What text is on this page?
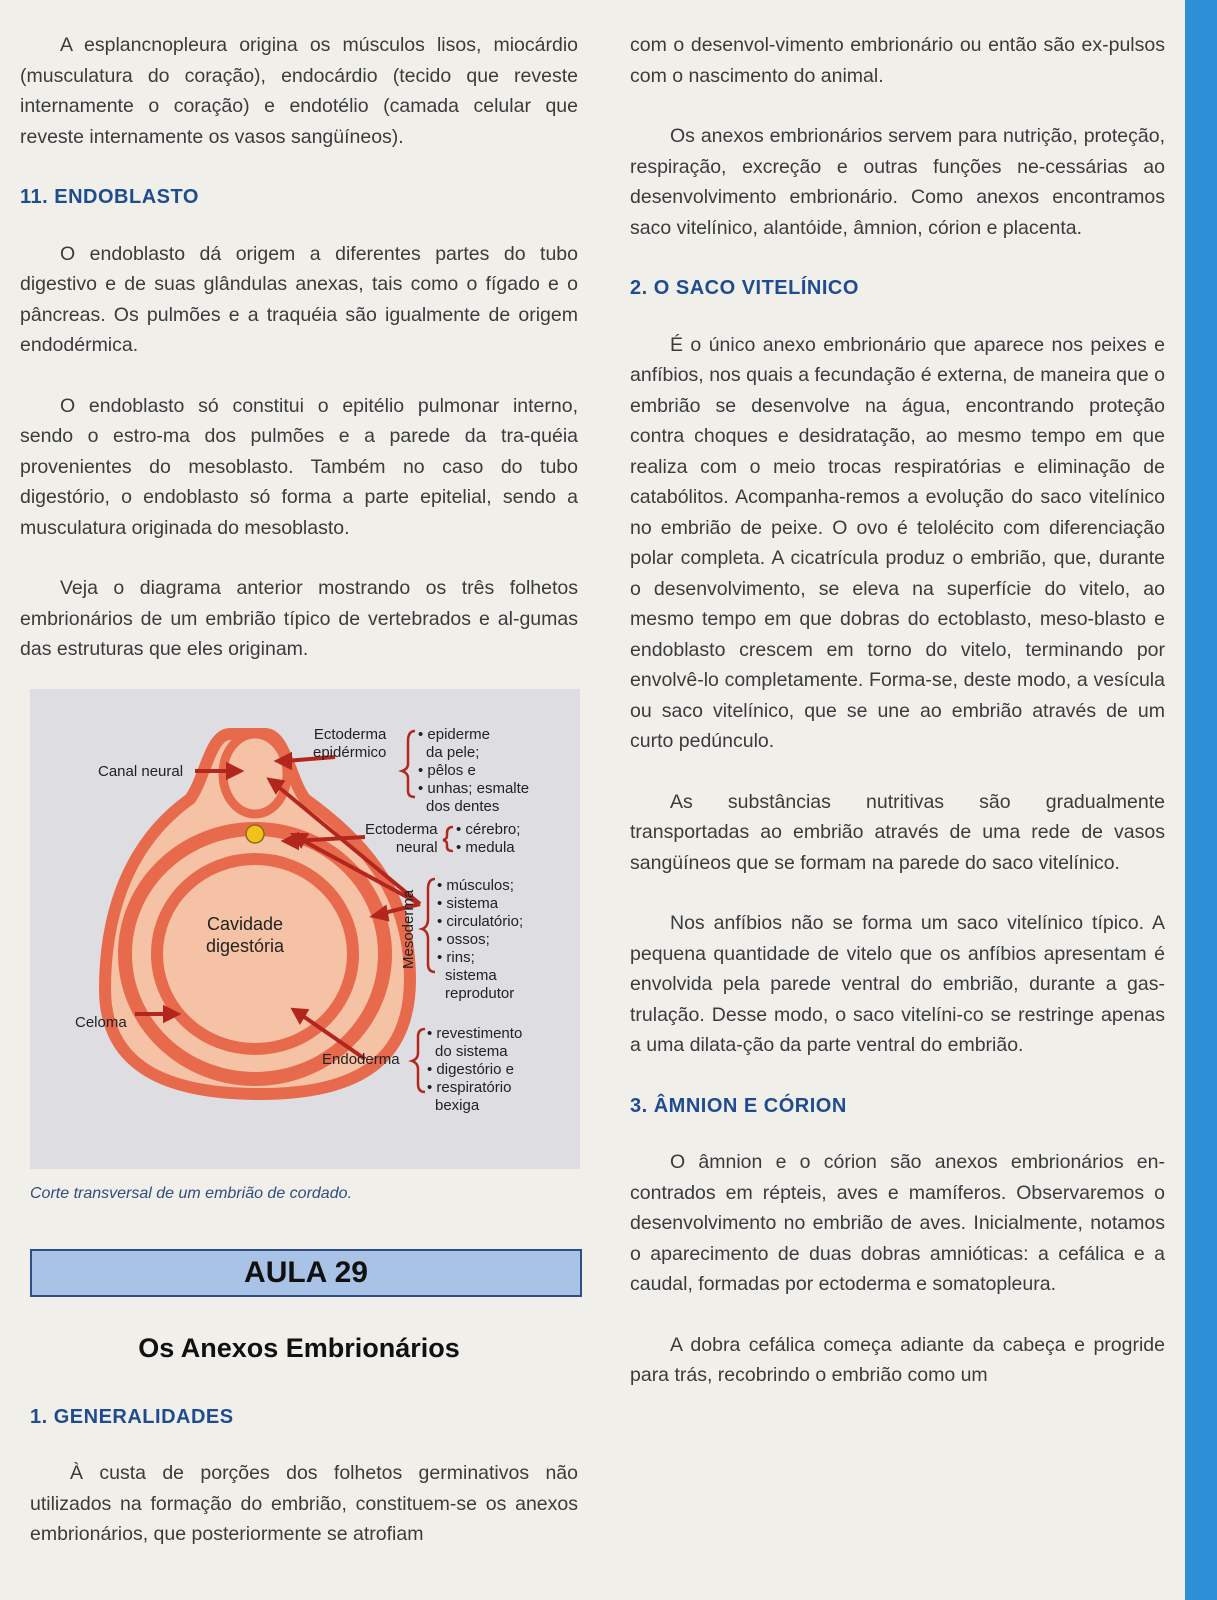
A esplancnopleura origina os músculos lisos, miocárdio (musculatura do coração), endocárdio (tecido que reveste internamente o coração) e endotélio (camada celular que reveste internamente os vasos sangüíneos).

11. ENDOBLASTO

O endoblasto dá origem a diferentes partes do tubo digestivo e de suas glândulas anexas, tais como o fígado e o pâncreas. Os pulmões e a traquéia são igualmente de origem endodérmica.

O endoblasto só constitui o epitélio pulmonar interno, sendo o estro-ma dos pulmões e a parede da tra-quéia provenientes do mesoblasto. Também no caso do tubo digestório, o endoblasto só forma a parte epitelial, sendo a musculatura originada do mesoblasto.

Veja o diagrama anterior mostrando os três folhetos embrionários de um embrião típico de vertebrados e al-gumas das estruturas que eles originam.

Canal neural
Ectoderma
epidérmico
• epiderme
da pele;
• pêlos e
• unhas; esmalte
dos dentes
Ectoderma
neural
• cérebro;
• medula
Mesoderma
• músculos;
• sistema
• circulatório;
• ossos;
• rins;
sistema
reprodutor
Cavidade
digestória
Celoma
Endoderma
• revestimento
do sistema
• digestório e
• respiratório
bexiga
Corte transversal de um embrião de cordado.
AULA 29
Os Anexos Embrionários
1. GENERALIDADES

À custa de porções dos folhetos germinativos não utilizados na formação do embrião, constituem-se os anexos embrionários, que posteriormente se atrofiam

com o desenvol-vimento embrionário ou então são ex-pulsos com o nascimento do animal.

Os anexos embrionários servem para nutrição, proteção, respiração, excreção e outras funções ne-cessárias ao desenvolvimento embrionário. Como anexos encontramos saco vitelínico, alantóide, âmnion, córion e placenta.

2. O SACO VITELÍNICO

É o único anexo embrionário que aparece nos peixes e anfíbios, nos quais a fecundação é externa, de maneira que o embrião se desenvolve na água, encontrando proteção contra choques e desidratação, ao mesmo tempo em que realiza com o meio trocas respiratórias e eliminação de catabólitos. Acompanha-remos a evolução do saco vitelínico no embrião de peixe. O ovo é telolécito com diferenciação polar completa. A cicatrícula produz o embrião, que, durante o desenvolvimento, se eleva na superfície do vitelo, ao mesmo tempo em que dobras do ectoblasto, meso-blasto e endoblasto crescem em torno do vitelo, terminando por envolvê-lo completamente. Forma-se, deste modo, a vesícula ou saco vitelínico, que se une ao embrião através de um curto pedúnculo.

As substâncias nutritivas são gradualmente transportadas ao embrião através de uma rede de vasos sangüíneos que se formam na parede do saco vitelínico.

Nos anfíbios não se forma um saco vitelínico típico. A pequena quantidade de vitelo que os anfíbios apresentam é envolvida pela parede ventral do embrião, durante a gas-trulação. Desse modo, o saco vitelíni-co se restringe apenas a uma dilata-ção da parte ventral do embrião.

3. ÂMNION E CÓRION

O âmnion e o córion são anexos embrionários en-contrados em répteis, aves e mamíferos. Observaremos o desenvolvimento no embrião de aves. Inicialmente, notamos o aparecimento de duas dobras amnióticas: a cefálica e a caudal, formadas por ectoderma e somatopleura.

A dobra cefálica começa adiante da cabeça e progride para trás, recobrindo o embrião como um
